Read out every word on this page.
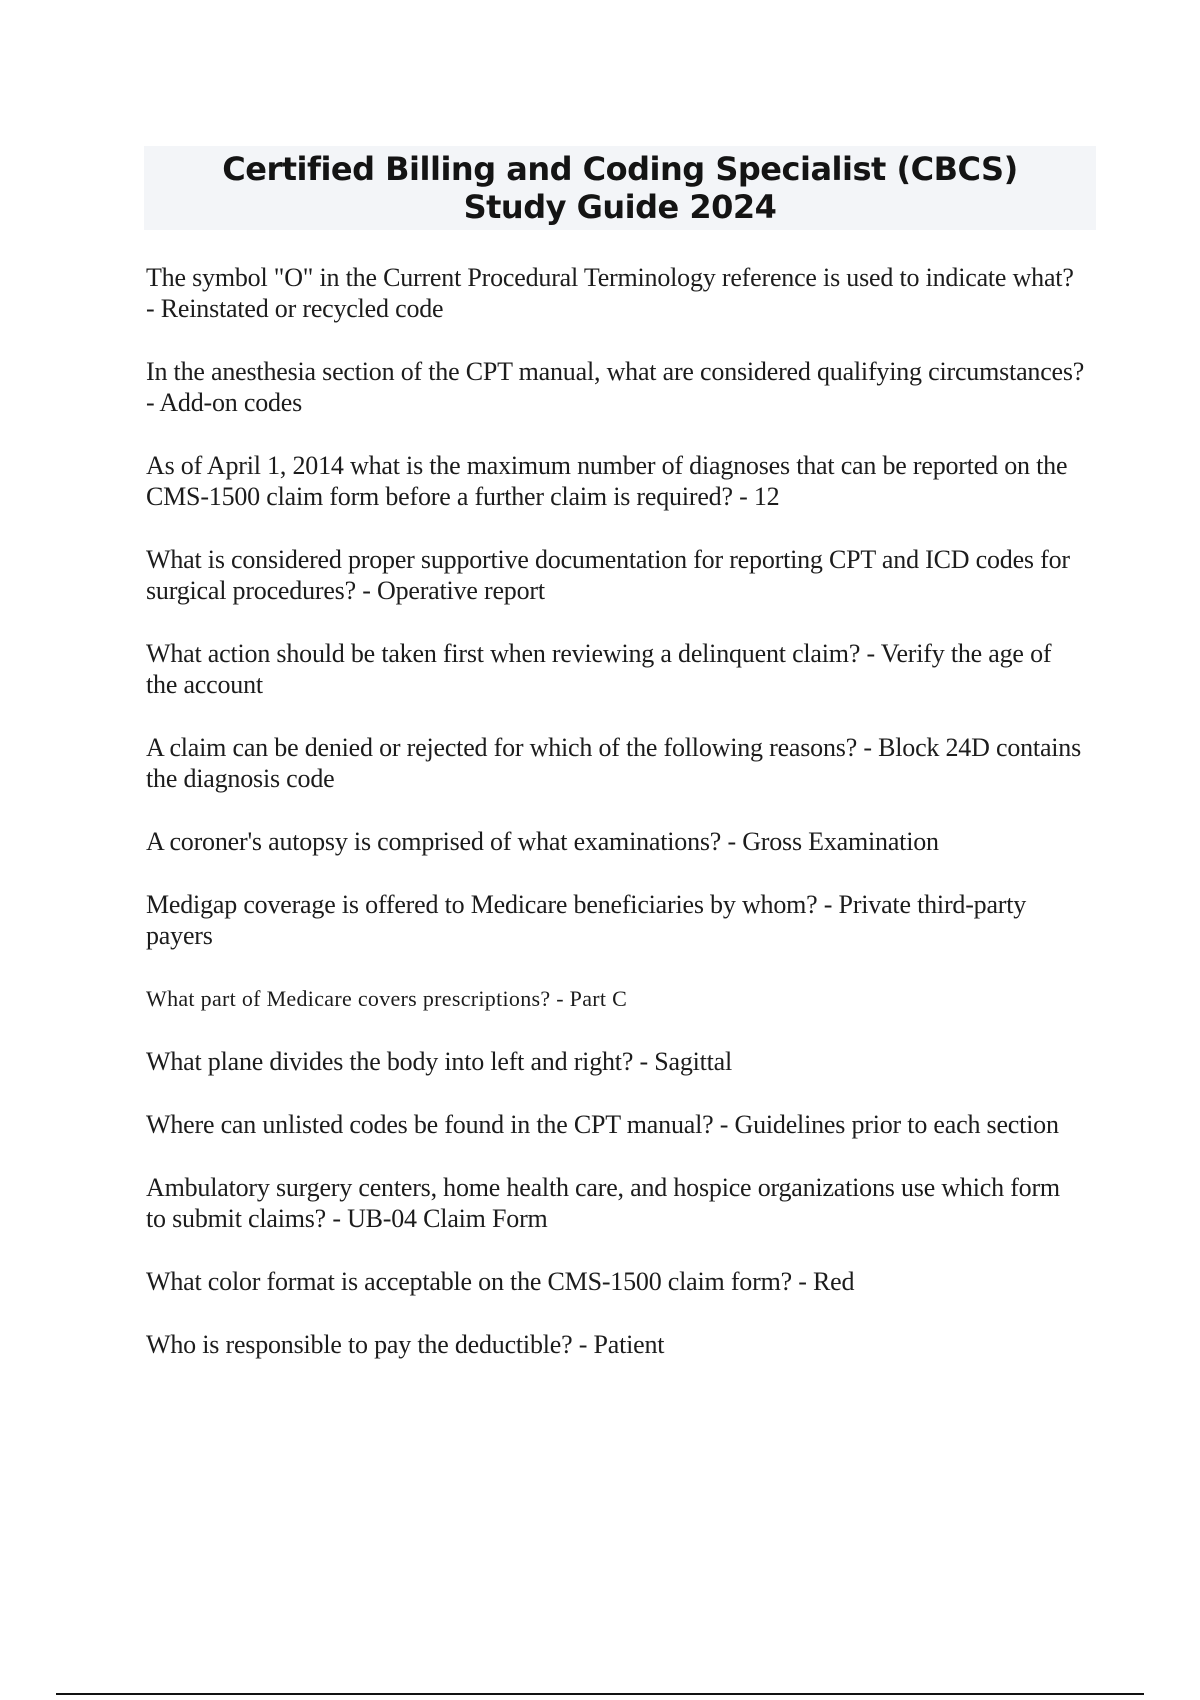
Certified Billing and Coding Specialist (CBCS) Study Guide 2024
The symbol "O" in the Current Procedural Terminology reference is used to indicate what? - Reinstated or recycled code
In the anesthesia section of the CPT manual, what are considered qualifying circumstances? - Add-on codes
As of April 1, 2014 what is the maximum number of diagnoses that can be reported on the CMS-1500 claim form before a further claim is required? - 12
What is considered proper supportive documentation for reporting CPT and ICD codes for surgical procedures? - Operative report
What action should be taken first when reviewing a delinquent claim? - Verify the age of the account
A claim can be denied or rejected for which of the following reasons? - Block 24D contains the diagnosis code
A coroner's autopsy is comprised of what examinations? - Gross Examination
Medigap coverage is offered to Medicare beneficiaries by whom? - Private third-party payers
What part of Medicare covers prescriptions? - Part C
What plane divides the body into left and right? - Sagittal
Where can unlisted codes be found in the CPT manual? - Guidelines prior to each section
Ambulatory surgery centers, home health care, and hospice organizations use which form to submit claims? - UB-04 Claim Form
What color format is acceptable on the CMS-1500 claim form? - Red
Who is responsible to pay the deductible? - Patient
